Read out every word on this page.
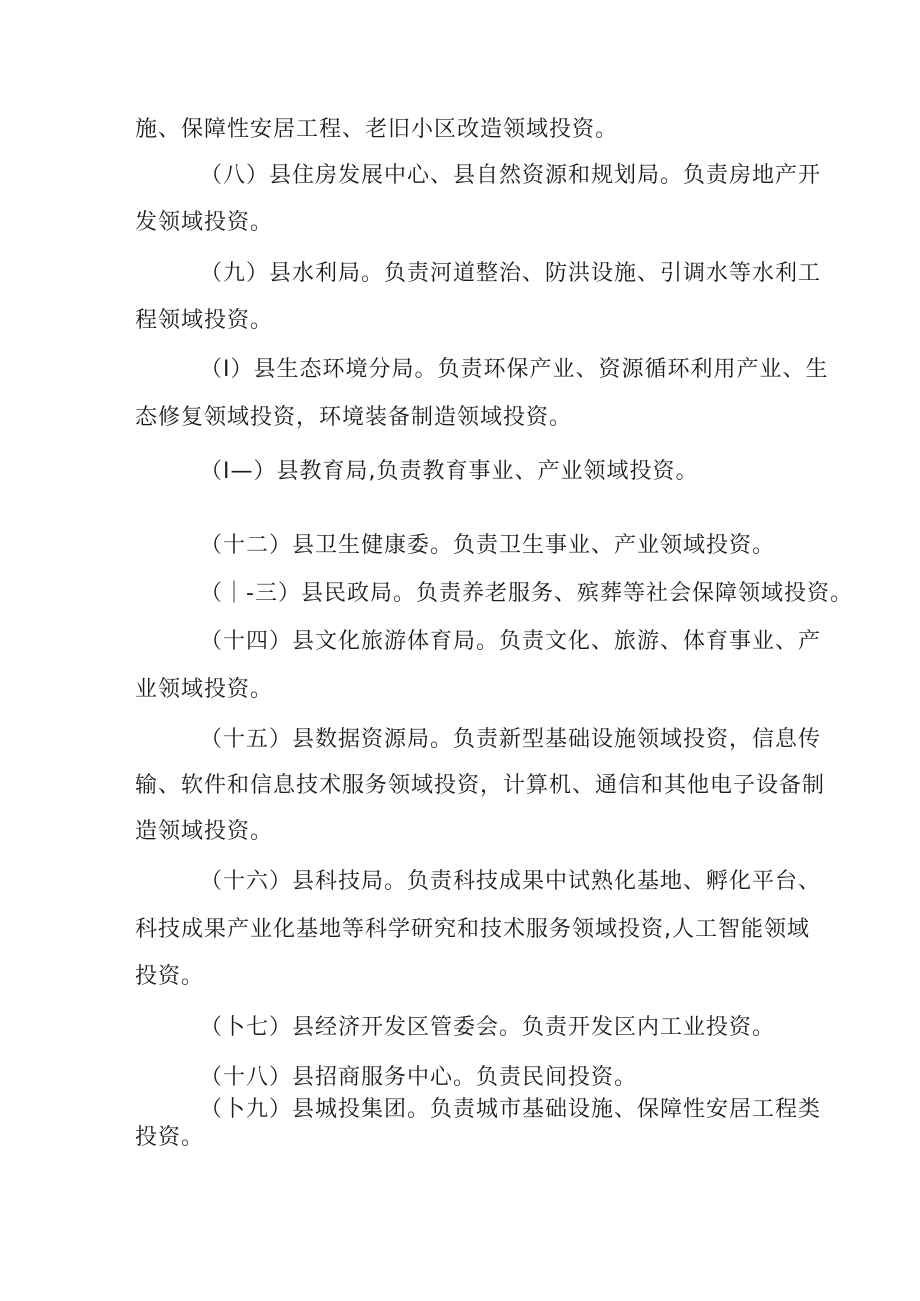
施、保障性安居工程、老旧小区改造领域投资。
（八）县住房发展中心、县自然资源和规划局。负责房地产开
发领域投资。
（九）县水利局。负责河道整治、防洪设施、引调水等水利工
程领域投资。
（I）县生态环境分局。负责环保产业、资源循环利用产业、生
态修复领域投资，环境装备制造领域投资。
（I—）县教育局,负责教育事业、产业领域投资。
（十二）县卫生健康委。负责卫生事业、产业领域投资。
（｜-三）县民政局。负责养老服务、殡葬等社会保障领域投资。
（十四）县文化旅游体育局。负责文化、旅游、体育事业、产
业领域投资。
（十五）县数据资源局。负责新型基础设施领域投资，信息传
输、软件和信息技术服务领域投资，计算机、通信和其他电子设备制
造领域投资。
（十六）县科技局。负责科技成果中试熟化基地、孵化平台、
科技成果产业化基地等科学研究和技术服务领域投资,人工智能领域
投资。
（卜七）县经济开发区管委会。负责开发区内工业投资。
（十八）县招商服务中心。负责民间投资。
（卜九）县城投集团。负责城市基础设施、保障性安居工程类
投资。
